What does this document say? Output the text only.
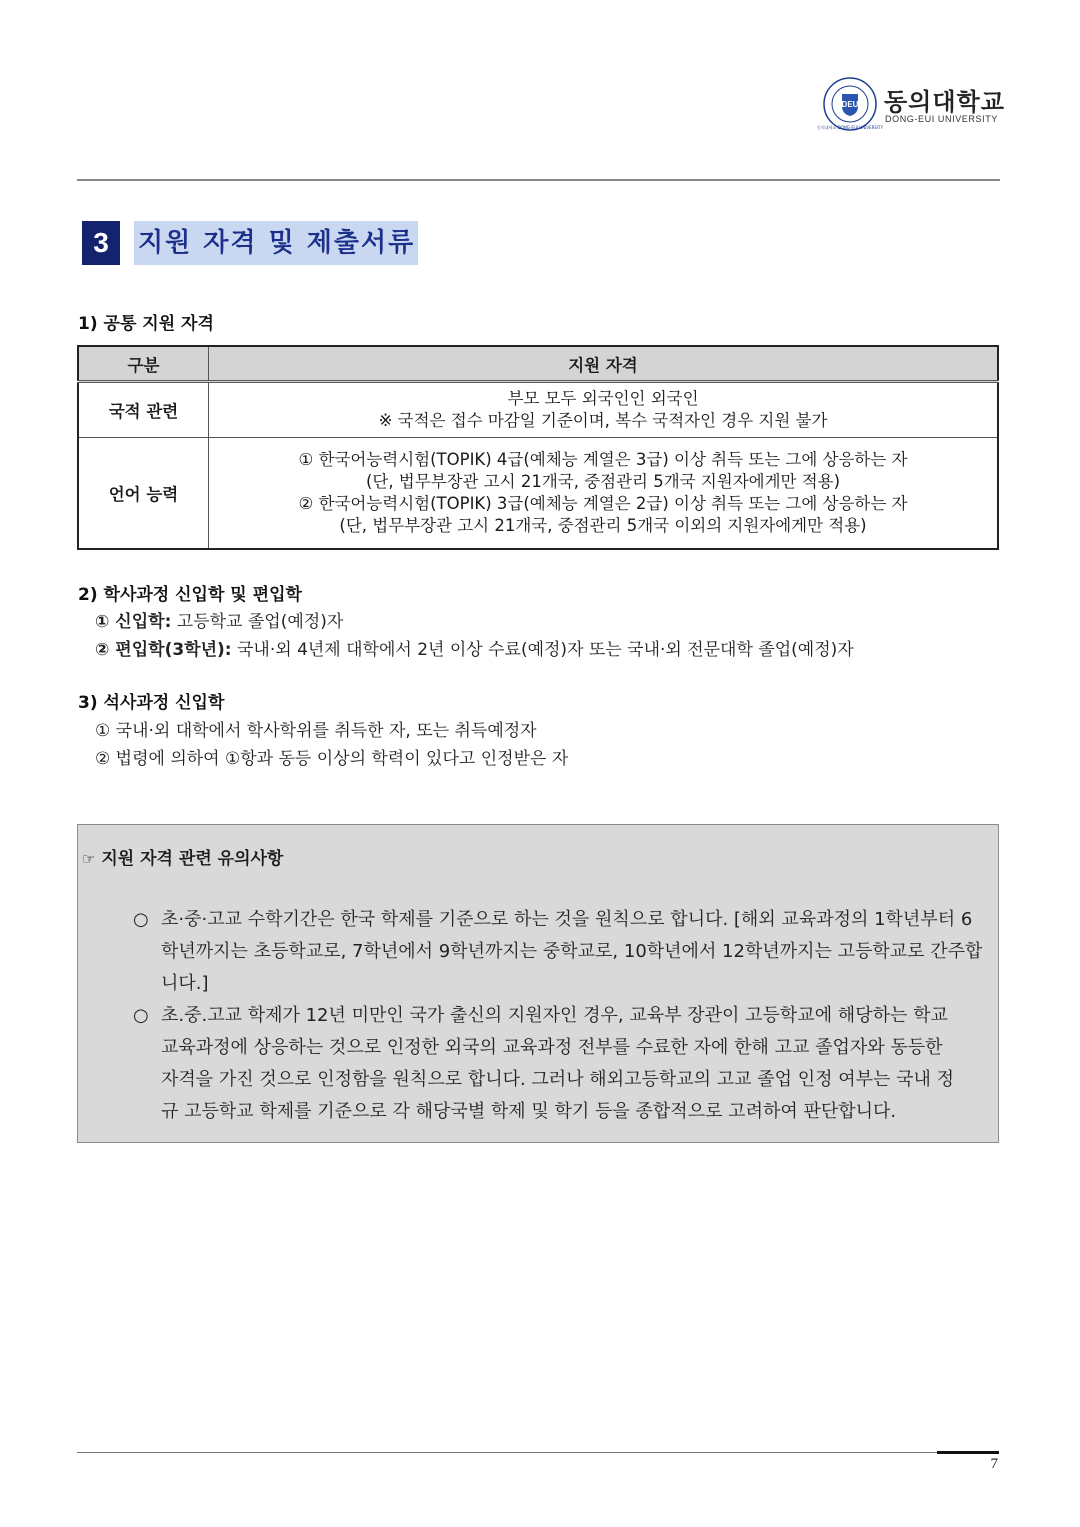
DEU
동의대학교 DONG-EUI UNIVERSITY
동의대학교
DONG-EUI UNIVERSITY
3	지원 자격 및 제출서류
1) 공통 지원 자격
구분	지원 자격
국적 관련	부모 모두 외국인인 외국인
※ 국적은 접수 마감일 기준이며, 복수 국적자인 경우 지원 불가

언어 능력	① 한국어능력시험(TOPIK) 4급(예체능 계열은 3급) 이상 취득 또는 그에 상응하는 자
(단, 법무부장관 고시 21개국, 중점관리 5개국 지원자에게만 적용)
② 한국어능력시험(TOPIK) 3급(예체능 계열은 2급) 이상 취득 또는 그에 상응하는 자
(단, 법무부장관 고시 21개국, 중점관리 5개국 이외의 지원자에게만 적용)
2) 학사과정 신입학 및 편입학
① 신입학: 고등학교 졸업(예정)자
② 편입학(3학년): 국내·외 4년제 대학에서 2년 이상 수료(예정)자 또는 국내·외 전문대학 졸업(예정)자
3) 석사과정 신입학
① 국내·외 대학에서 학사학위를 취득한 자, 또는 취득예정자
② 법령에 의하여 ①항과 동등 이상의 학력이 있다고 인정받은 자
☞ 지원 자격 관련 유의사항
○ 초·중·고교 수학기간은 한국 학제를 기준으로 하는 것을 원칙으로 합니다. [해외 교육과정의 1학년부터 6
학년까지는 초등학교로, 7학년에서 9학년까지는 중학교로, 10학년에서 12학년까지는 고등학교로 간주합
니다.]
○ 초.중.고교 학제가 12년 미만인 국가 출신의 지원자인 경우, 교육부 장관이 고등학교에 해당하는 학교
교육과정에 상응하는 것으로 인정한 외국의 교육과정 전부를 수료한 자에 한해 고교 졸업자와 동등한
자격을 가진 것으로 인정함을 원칙으로 합니다. 그러나 해외고등학교의 고교 졸업 인정 여부는 국내 정
규 고등학교 학제를 기준으로 각 해당국별 학제 및 학기 등을 종합적으로 고려하여 판단합니다.
7
